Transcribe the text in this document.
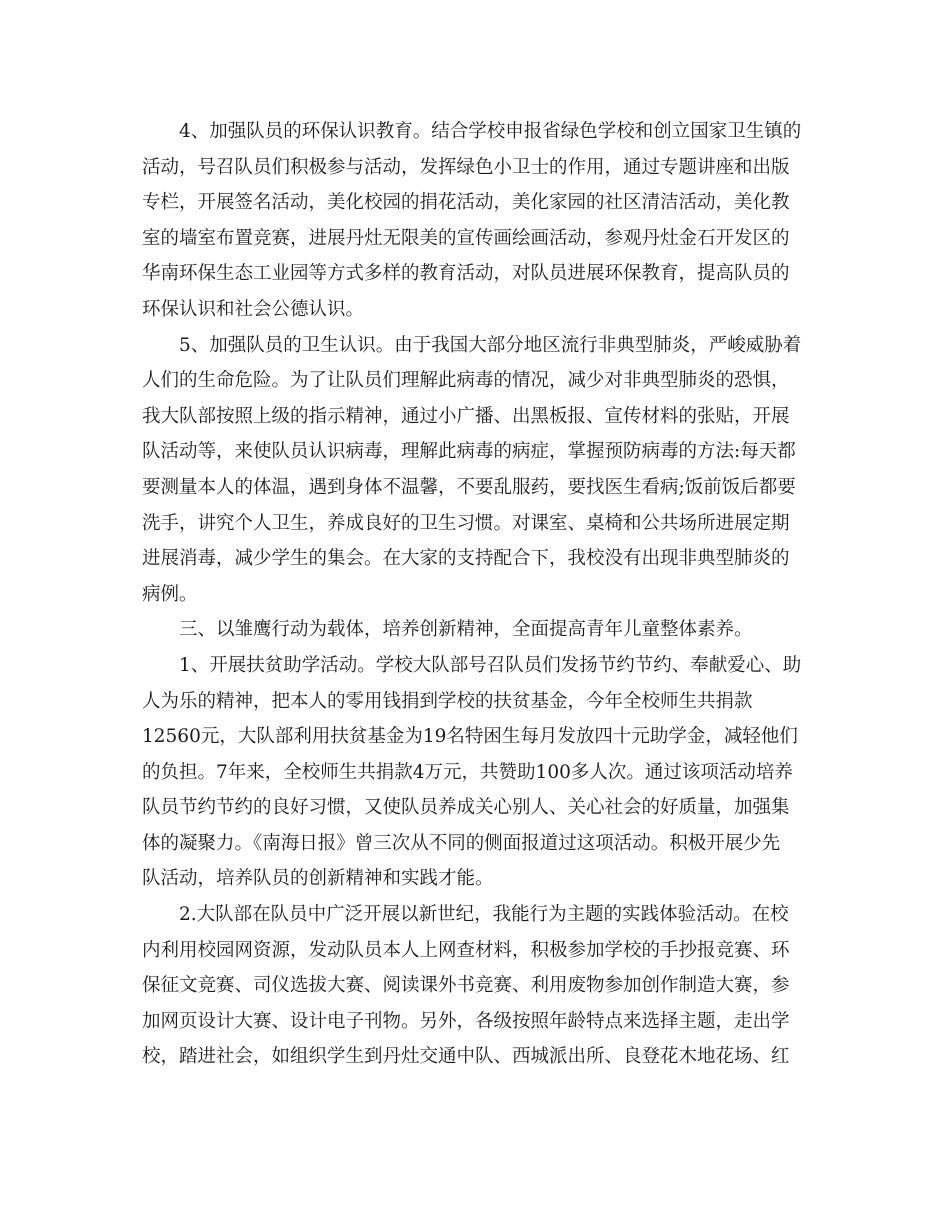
4、加强队员的环保认识教育。结合学校申报省绿色学校和创立国家卫生镇的
活动，号召队员们积极参与活动，发挥绿色小卫士的作用，通过专题讲座和出版
专栏，开展签名活动，美化校园的捐花活动，美化家园的社区清洁活动，美化教
室的墙室布置竞赛，进展丹灶无限美的宣传画绘画活动，参观丹灶金石开发区的
华南环保生态工业园等方式多样的教育活动，对队员进展环保教育，提高队员的
环保认识和社会公德认识。
5、加强队员的卫生认识。由于我国大部分地区流行非典型肺炎，严峻威胁着
人们的生命危险。为了让队员们理解此病毒的情况，减少对非典型肺炎的恐惧，
我大队部按照上级的指示精神，通过小广播、出黑板报、宣传材料的张贴，开展
队活动等，来使队员认识病毒，理解此病毒的病症，掌握预防病毒的方法:每天都
要测量本人的体温，遇到身体不温馨，不要乱服药，要找医生看病;饭前饭后都要
洗手，讲究个人卫生，养成良好的卫生习惯。对课室、桌椅和公共场所进展定期
进展消毒，减少学生的集会。在大家的支持配合下，我校没有出现非典型肺炎的
病例。
三、以雏鹰行动为载体，培养创新精神，全面提高青年儿童整体素养。
1、开展扶贫助学活动。学校大队部号召队员们发扬节约节约、奉献爱心、助
人为乐的精神，把本人的零用钱捐到学校的扶贫基金，今年全校师生共捐款
12560元，大队部利用扶贫基金为19名特困生每月发放四十元助学金，减轻他们
的负担。7年来，全校师生共捐款4万元，共赞助100多人次。通过该项活动培养
队员节约节约的良好习惯，又使队员养成关心别人、关心社会的好质量，加强集
体的凝聚力。《南海日报》曾三次从不同的侧面报道过这项活动。积极开展少先
队活动，培养队员的创新精神和实践才能。
2.大队部在队员中广泛开展以新世纪，我能行为主题的实践体验活动。在校
内利用校园网资源，发动队员本人上网查材料，积极参加学校的手抄报竞赛、环
保征文竞赛、司仪选拔大赛、阅读课外书竞赛、利用废物参加创作制造大赛，参
加网页设计大赛、设计电子刊物。另外，各级按照年龄特点来选择主题，走出学
校，踏进社会，如组织学生到丹灶交通中队、西城派出所、良登花木地花场、红
